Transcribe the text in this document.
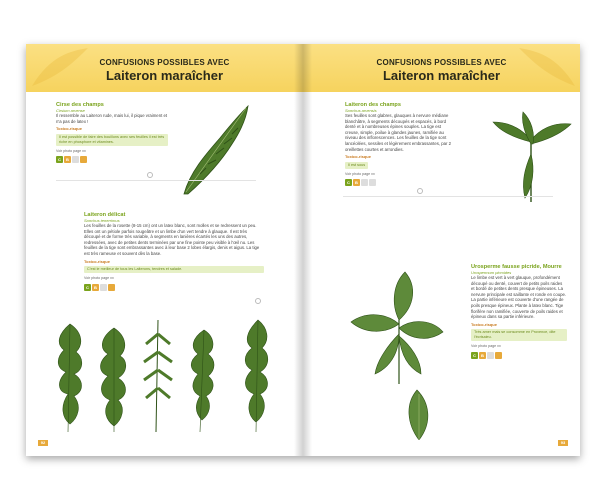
CONFUSIONS POSSIBLES AVEC
Laiteron maraîcher
Cirse des champs
Cirsium arvense
Il ressemble au Laiteron rude, mais lui, il pique vraiment et n'a pas de latex !
Toxico-risque
Il est possible de faire des bouillons avec ses feuilles il est très riche en phosphore et vitamines.
Voir photo page xx
C	B
Laiteron délicat
Sonchus tenerrimus
Les feuilles de la rosette (8-15 cm) ont un latex blanc, sont molles et se redressent un peu. Elles ont un pétiole parfois rougeâtre et un limbe d'un vert tendre à glauque. Il est très découpé et de forme très variable, à segments en lanières écartés les uns des autres, redressées, avec de petites dents terminées par une fine pointe peu visible à l'œil nu. Les feuilles de la tige sont embrassantes avec à leur base 2 lobes élargis, denis et aigus. La tige est très rameuse et souvent dès la base.
Toxico-risque
C'est le meilleur de tous les Laiterons, tendres et salade.
Voir photo page xx
C	B
92
CONFUSIONS POSSIBLES AVEC
Laiteron maraîcher
Laiteron des champs
Sonchus arvensis
Ses feuilles sont glabres, glauques à nervure médiane blanchâtre, à segments découpés et espacés, à bord denté et à nombreuses épines souples. La tige est creuse, simple, poilue à glandes jaunes, ramifiée au niveau des inflorescences. Les feuilles de la tige sont lancéolées, sessiles et légèrement embrassantes, par 2 oreillettes courtes et arrondies.
Toxico-risque
Il est sous
Voir photo page xx
C	B
Urosperme fausse picride, Mourre
Urospermum picroides
Le limbe est vert à vert glauque, profondément découpé ou denté, couvert de petits poils raides et bordé de petites dents presque épineuses. La nervure principale est saillante et ronde en coupe. La partie inférieure est couverte d'une rangée de poils presque épineux. Plante à latex blanc. Tige florifère non ramifiée, couverte de poils raides et épineux dans sa partie inférieure.
Toxico-risque
Très amer mais se consomme en Provence, dite l'écrisaieu.
Voir photo page xx
C	B
93
